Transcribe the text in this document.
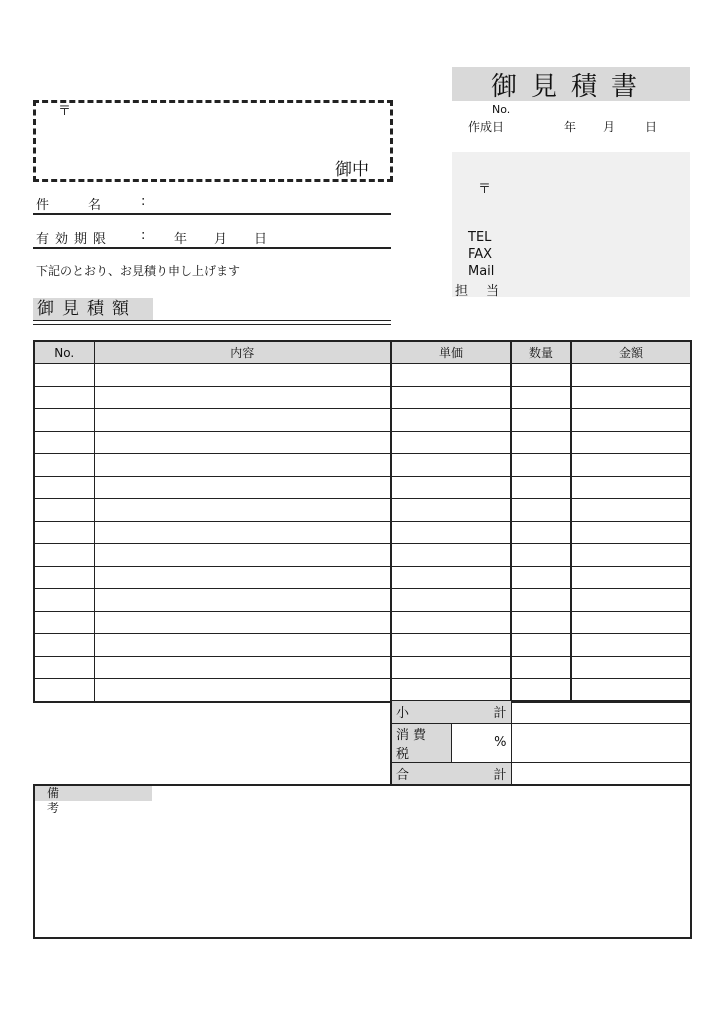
御見積書
No.
作成日	年 月 日
〒
TEL
FAX
Mail
担当
〒
御中
件	名	:
有効期限 : 年 月 日
下記のとおり、お見積り申し上げます
御見積額
No.	内容	単価	数量	金額

小 計		

消費税	%	

合 計		

備考
